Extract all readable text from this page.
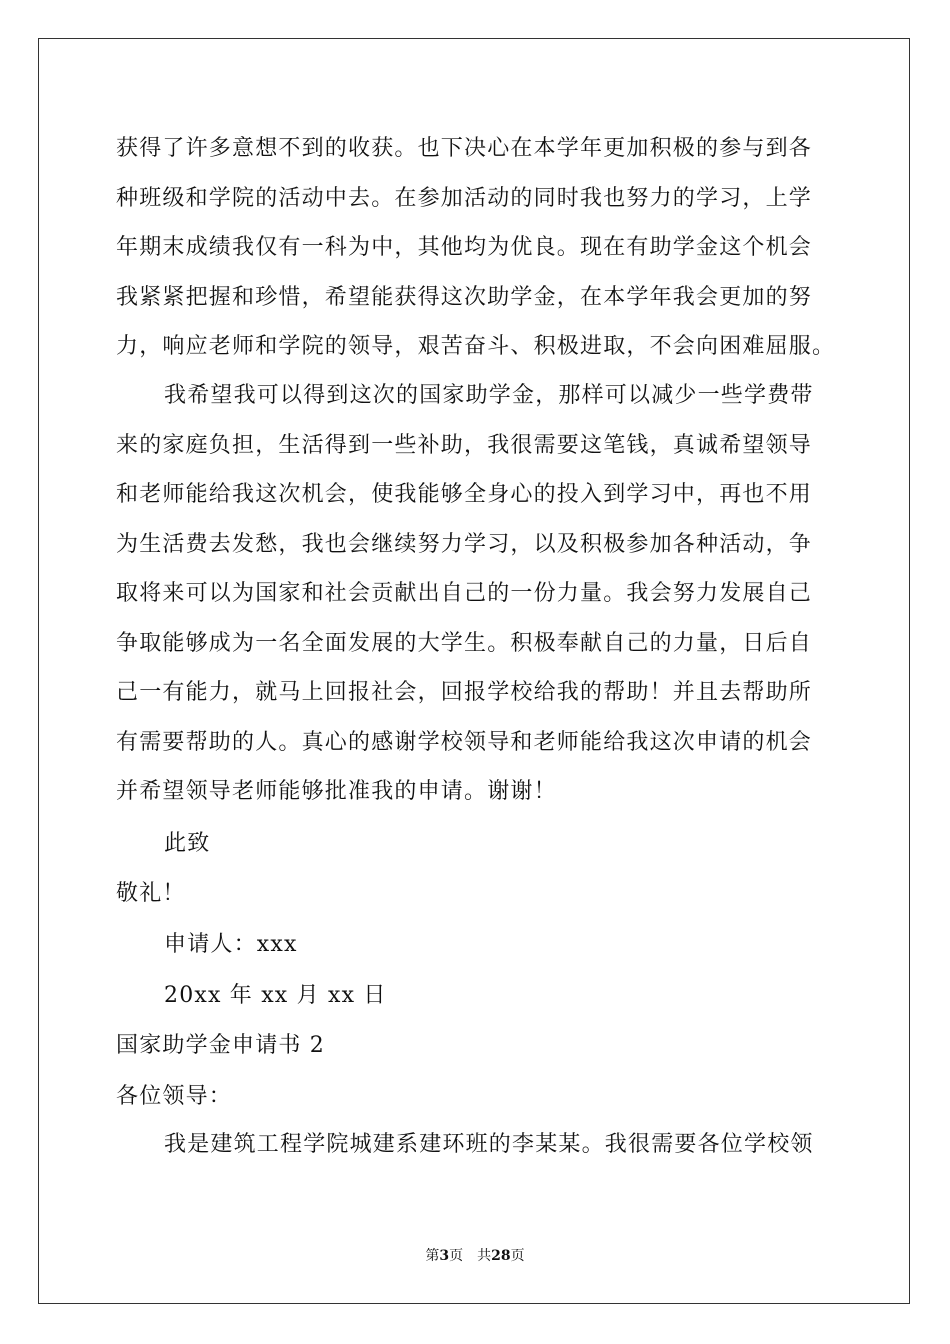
获得了许多意想不到的收获。也下决心在本学年更加积极的参与到各
种班级和学院的活动中去。在参加活动的同时我也努力的学习，上学
年期末成绩我仅有一科为中，其他均为优良。现在有助学金这个机会
我紧紧把握和珍惜，希望能获得这次助学金，在本学年我会更加的努
力，响应老师和学院的领导，艰苦奋斗、积极进取，不会向困难屈服。
我希望我可以得到这次的国家助学金，那样可以减少一些学费带
来的家庭负担，生活得到一些补助，我很需要这笔钱，真诚希望领导
和老师能给我这次机会，使我能够全身心的投入到学习中，再也不用
为生活费去发愁，我也会继续努力学习，以及积极参加各种活动，争
取将来可以为国家和社会贡献出自己的一份力量。我会努力发展自己
争取能够成为一名全面发展的大学生。积极奉献自己的力量，日后自
己一有能力，就马上回报社会，回报学校给我的帮助！并且去帮助所
有需要帮助的人。真心的感谢学校领导和老师能给我这次申请的机会
并希望领导老师能够批准我的申请。谢谢！
此致
敬礼！
申请人：xxx
20xx 年 xx 月 xx 日
国家助学金申请书 2
各位领导：
我是建筑工程学院城建系建环班的李某某。我很需要各位学校领
第3页　共28页
